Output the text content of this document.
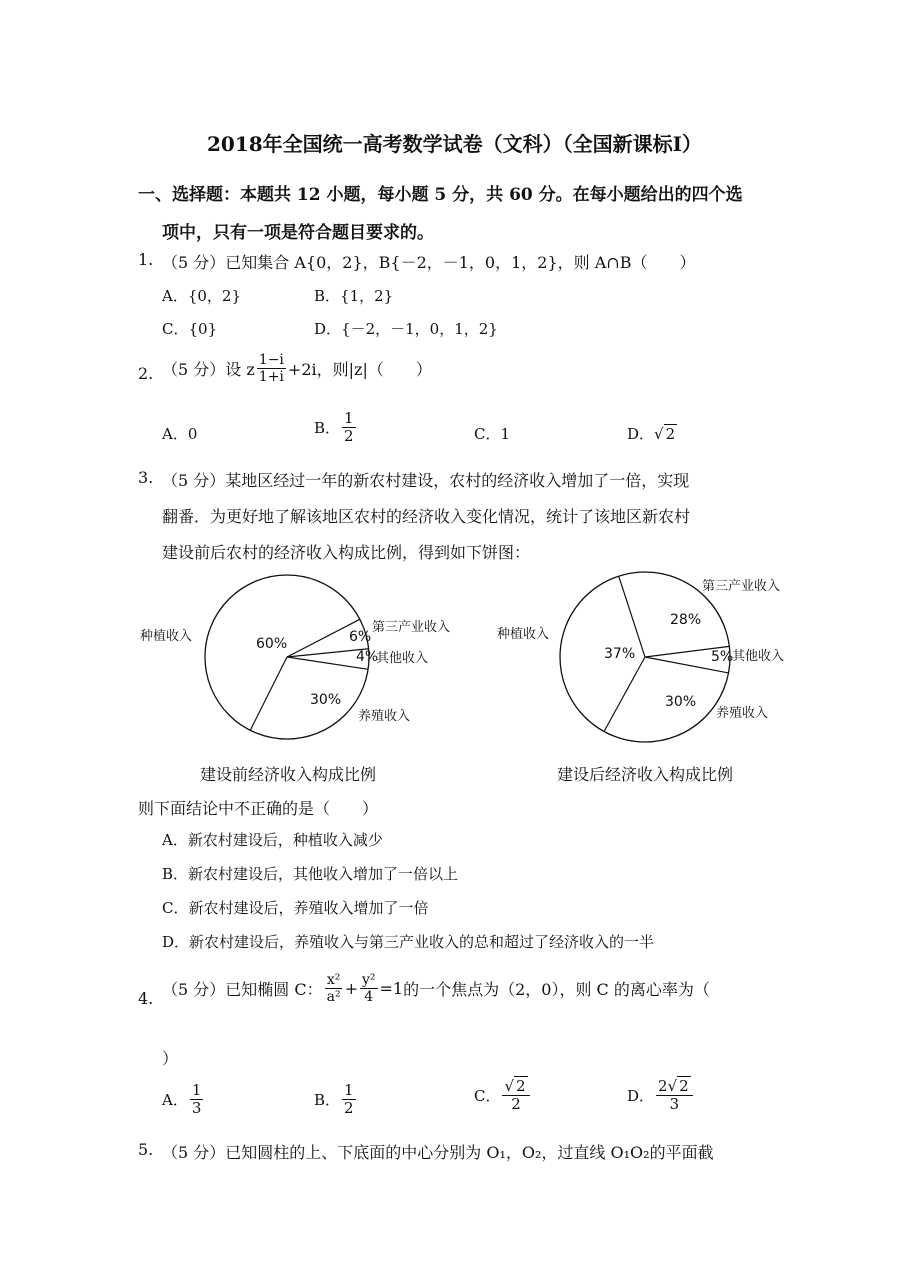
2018年全国统一高考数学试卷（文科）（全国新课标Ⅰ）
一、选择题：本题共 12 小题，每小题 5 分，共 60 分。在每小题给出的四个选
项中，只有一项是符合题目要求的。
1. （5 分）已知集合 A{0，2}，B{－2，－1，0，1，2}，则 A∩B（　　）
A．{0，2}	B．{1，2}
C．{0}	D．{－2，－1，0，1，2}
2. （5 分）设 z $\frac{1-i}{1+i} +2i$，则|z|（　　）
A．0	B． $\frac{1}{2}$	C．1	D．√ 2
3. （5 分）某地区经过一年的新农村建设，农村的经济收入增加了一倍，实现
翻番．为更好地了解该地区农村的经济收入变化情况，统计了该地区新农村
建设前后农村的经济收入构成比例，得到如下饼图：
种植收入
第三产业收入
其他收入
养殖收入
60%	6%
4%
30%
种植收入
第三产业收入
其他收入
养殖收入
37%
28%
5%
30%
建设前经济收入构成比例	建设后经济收入构成比例
则下面结论中不正确的是（　　）
A．新农村建设后，种植收入减少
B．新农村建设后，其他收入增加了一倍以上
C．新农村建设后，养殖收入增加了一倍
D．新农村建设后，养殖收入与第三产业收入的总和超过了经济收入的一半
4. （5 分）已知椭圆 C： $\frac{\text{x²}}{\text{a²}} + \frac{\text{y²}}{4} =1$ 的一个焦点为（2，0），则 C 的离心率为（
）
A． $\frac{1}{3}$	B． $\frac{1}{2}$	C． $\frac{√ 2}{2}$	D． $\frac{2√ 2}{3}$
5. （5 分）已知圆柱的上、下底面的中心分别为 O₁，O₂，过直线 O₁O₂的平面截
